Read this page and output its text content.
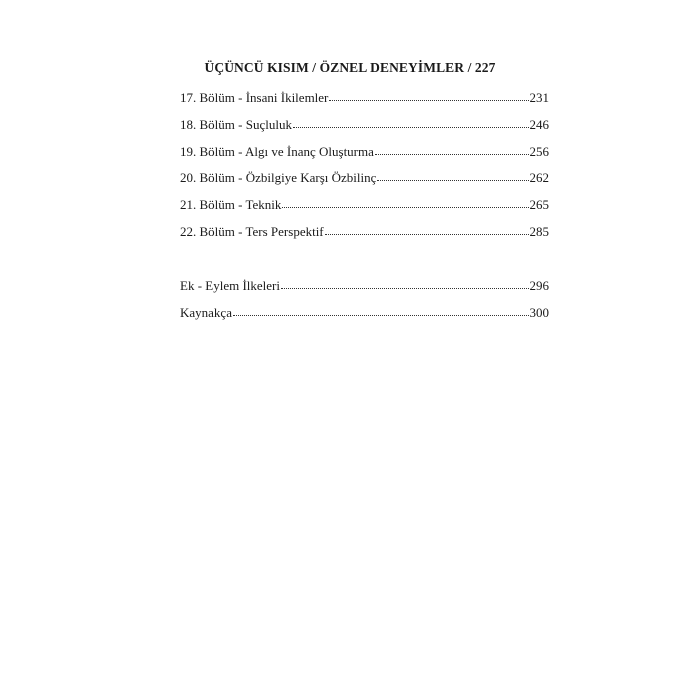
ÜÇÜNCÜ KISIM / ÖZNEL DENEYİMLER / 227
17. Bölüm - İnsani İkilemler	231
18. Bölüm - Suçluluk	246
19. Bölüm - Algı ve İnanç Oluşturma	256
20. Bölüm - Özbilgiye Karşı Özbilinç	262
21. Bölüm - Teknik	265
22. Bölüm - Ters Perspektif	285
Ek - Eylem İlkeleri	296
Kaynakça	300
